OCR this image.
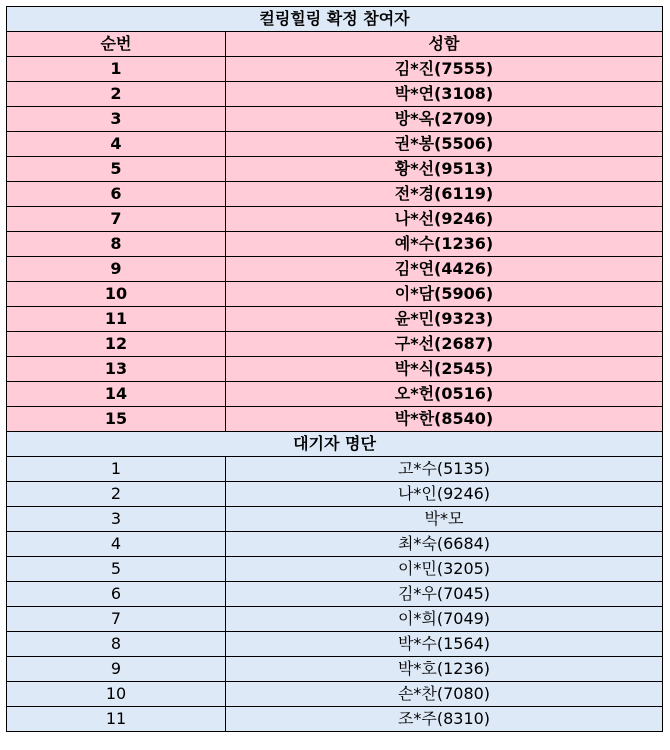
컬링힐링 확정 참여자	
순번	성함
1	김*진(7555)
2	박*연(3108)
3	방*옥(2709)
4	권*봉(5506)
5	황*선(9513)
6	전*경(6119)
7	나*선(9246)
8	예*수(1236)
9	김*연(4426)
10	이*담(5906)
11	윤*민(9323)
12	구*선(2687)
13	박*식(2545)
14	오*헌(0516)
15	박*한(8540)
대기자 명단	
1	고*수(5135)
2	나*인(9246)
3	박*모
4	최*숙(6684)
5	이*민(3205)
6	김*우(7045)
7	이*희(7049)
8	박*수(1564)
9	박*호(1236)
10	손*찬(7080)
11	조*주(8310)
